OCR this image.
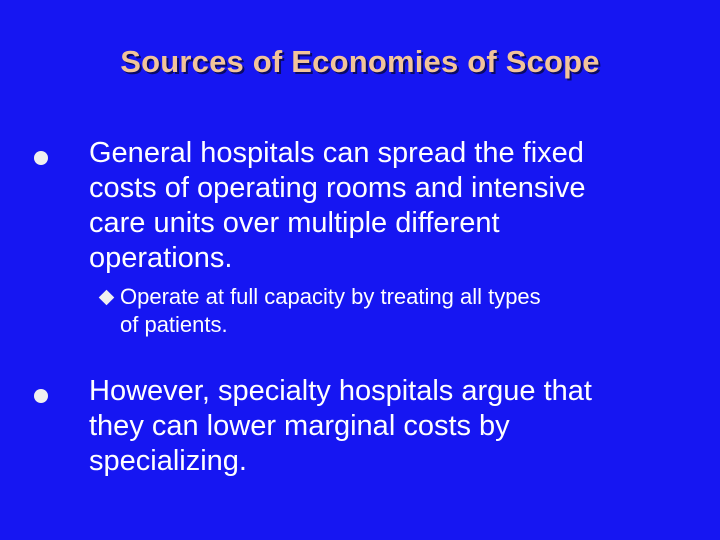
Sources of Economies of Scope
General hospitals can spread the fixed
costs of operating rooms and intensive
care units over multiple different
operations.
Operate at full capacity by treating all types
of patients.
However, specialty hospitals argue that
they can lower marginal costs by
specializing.
